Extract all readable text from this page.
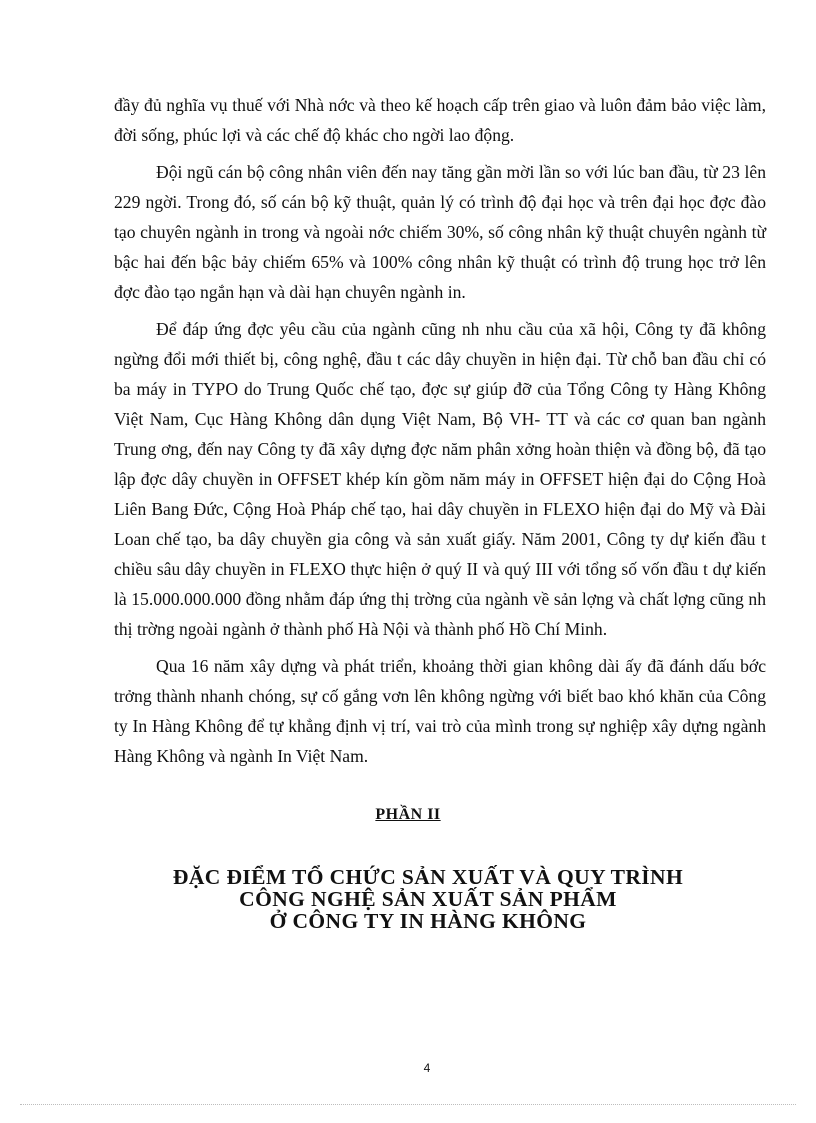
đầy đủ nghĩa vụ thuế với Nhà nớc và theo kế hoạch cấp trên giao và luôn đảm bảo việc làm, đời sống, phúc lợi và các chế độ khác cho ngời lao động.

Đội ngũ cán bộ công nhân viên đến nay tăng gần mời lần so với lúc ban đầu, từ 23 lên 229 ngời. Trong đó, số cán bộ kỹ thuật, quản lý có trình độ đại học và trên đại học đợc đào tạo chuyên ngành in trong và ngoài nớc chiếm 30%, số công nhân kỹ thuật chuyên ngành từ bậc hai đến bậc bảy chiếm 65% và 100% công nhân kỹ thuật có trình độ trung học trở lên đợc đào tạo ngắn hạn và dài hạn chuyên ngành in.

Để đáp ứng đợc yêu cầu của ngành cũng nh nhu cầu của xã hội, Công ty đã không ngừng đổi mới thiết bị, công nghệ, đầu t các dây chuyền in hiện đại. Từ chỗ ban đầu chỉ có ba máy in TYPO do Trung Quốc chế tạo, đợc sự giúp đỡ của Tổng Công ty Hàng Không Việt Nam, Cục Hàng Không dân dụng Việt Nam, Bộ VH- TT và các cơ quan ban ngành Trung ơng, đến nay Công ty đã xây dựng đợc năm phân xởng hoàn thiện và đồng bộ, đã tạo lập đợc dây chuyền in OFFSET khép kín gồm năm máy in OFFSET hiện đại do Cộng Hoà Liên Bang Đức, Cộng Hoà Pháp chế tạo, hai dây chuyền in FLEXO hiện đại do Mỹ và Đài Loan chế tạo, ba dây chuyền gia công và sản xuất giấy. Năm 2001, Công ty dự kiến đầu t chiều sâu dây chuyền in FLEXO thực hiện ở quý II và quý III với tổng số vốn đầu t dự kiến là 15.000.000.000 đồng nhằm đáp ứng thị trờng của ngành về sản lợng và chất lợng cũng nh thị trờng ngoài ngành ở thành phố Hà Nội và thành phố Hồ Chí Minh.

Qua 16 năm xây dựng và phát triển, khoảng thời gian không dài ấy đã đánh dấu bớc trởng thành nhanh chóng, sự cố gắng vơn lên không ngừng với biết bao khó khăn của Công ty In Hàng Không để tự khẳng định vị trí, vai trò của mình trong sự nghiệp xây dựng ngành Hàng Không và ngành In Việt Nam.

PHẦN II
ĐẶC ĐIỂM TỔ CHỨC SẢN XUẤT VÀ QUY TRÌNH
CÔNG NGHỆ SẢN XUẤT SẢN PHẨM
Ở CÔNG TY IN HÀNG KHÔNG
4
